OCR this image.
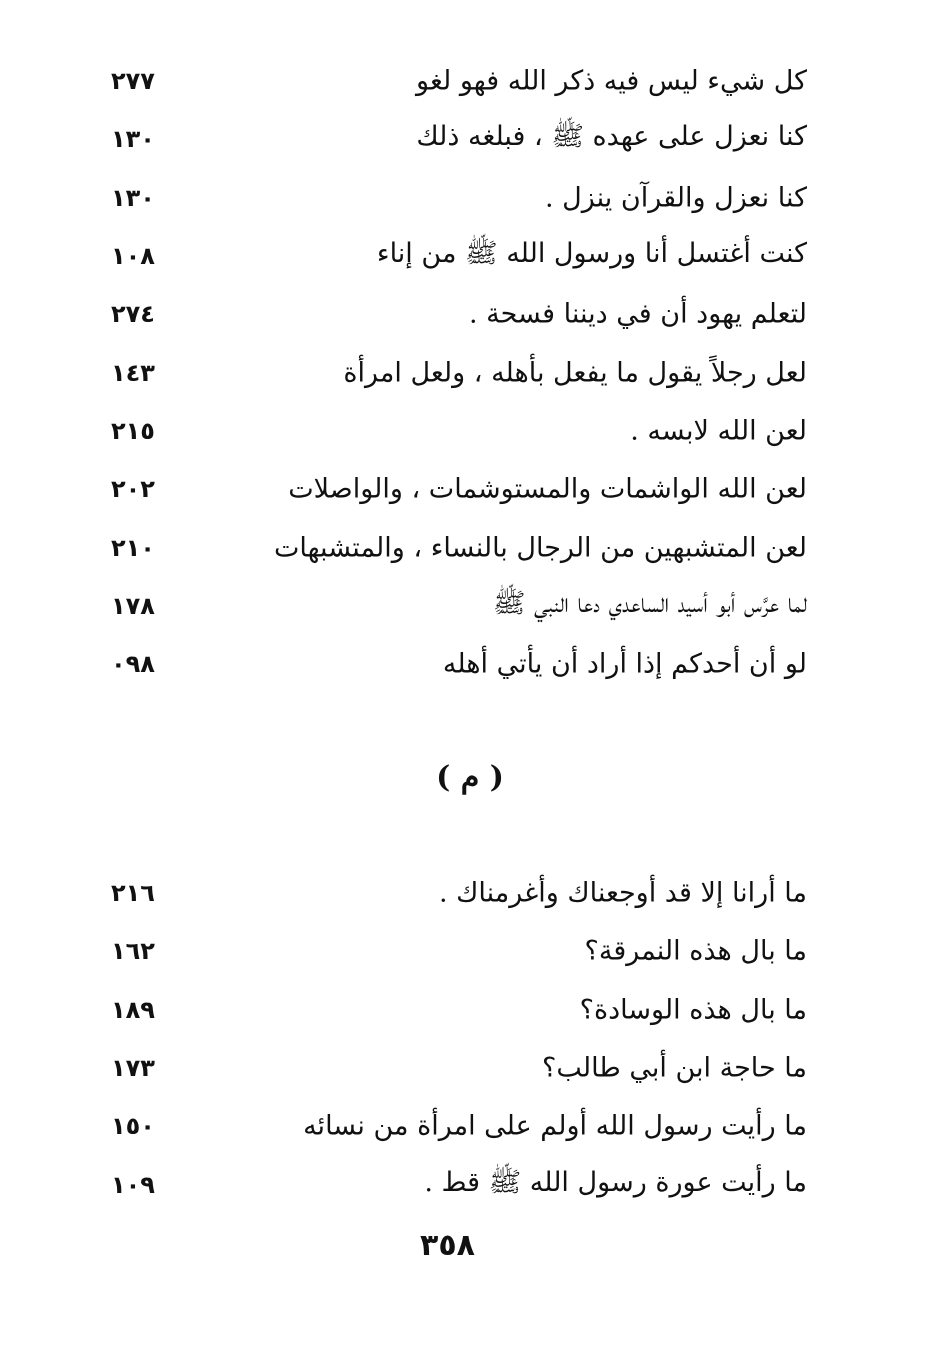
كل شيء ليس فيه ذكر الله فهو لغو
٢٧٧
كنا نعزل على عهده ﷺ ، فبلغه ذلك
١٣٠
كنا نعزل والقرآن ينزل .
١٣٠
كنت أغتسل أنا ورسول الله ﷺ من إناء
١٠٨
لتعلم يهود أن في ديننا فسحة .
٢٧٤
لعل رجلاً يقول ما يفعل بأهله ، ولعل امرأة
١٤٣
لعن الله لابسه .
٢١٥
لعن الله الواشمات والمستوشمات ، والواصلات
٢٠٢
لعن المتشبهين من الرجال بالنساء ، والمتشبهات
٢١٠
لما عرَّس أبو أسيد الساعدي دعا النبي ﷺ
١٧٨
لو أن أحدكم إذا أراد أن يأتي أهله
٠٩٨
( م )
ما أرانا إلا قد أوجعناك وأغرمناك .
٢١٦
ما بال هذه النمرقة؟
١٦٢
ما بال هذه الوسادة؟
١٨٩
ما حاجة ابن أبي طالب؟
١٧٣
ما رأيت رسول الله أولم على امرأة من نسائه
١٥٠
ما رأيت عورة رسول الله ﷺ قط .
١٠٩
٣٥٨
